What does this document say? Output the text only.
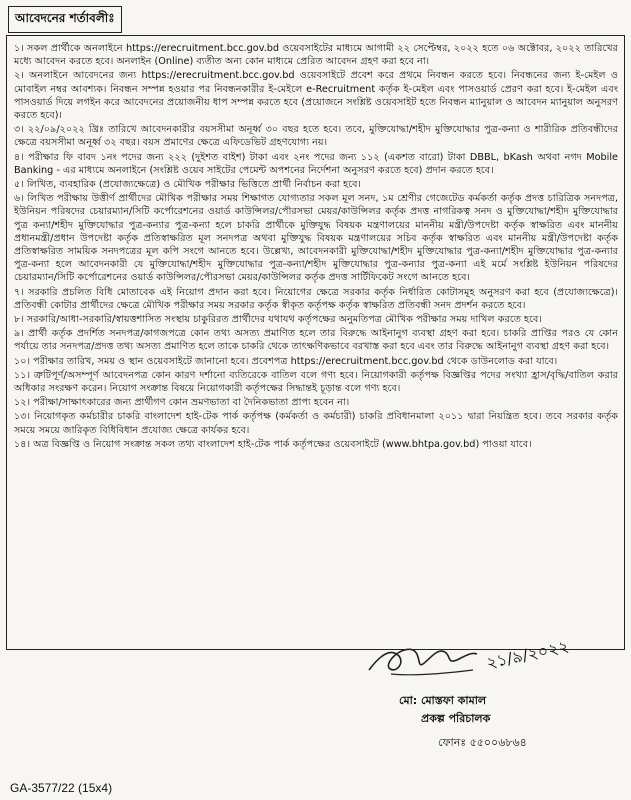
আবেদনের শর্তাবলীঃ

১। সকল প্রার্থীকে অনলাইনে https://erecruitment.bcc.gov.bd ওয়েবসাইটের মাধ্যমে আগামী ২২ সেপ্টেম্বর, ২০২২ হতে ০৬ অক্টোবর, ২০২২ তারিখের মধ্যে আবেদন করতে হবে। অনলাইন (Online) ব্যতীত অন্য কোন মাধ্যমে প্রেরিত আবেদন গ্রহণ করা হবে না।

২। অনলাইনে আবেদনের জন্য https://erecruitment.bcc.gov.bd ওয়েবসাইটে প্রবেশ করে প্রথমে নিবন্ধন করতে হবে। নিবন্ধনের জন্য ই-মেইল ও মোবাইল নম্বর আবশ্যক। নিবন্ধন সম্পন্ন হওয়ার পর নিবন্ধনকারীর ই-মেইলে e-Recruitment কর্তৃক ই-মেইল এবং পাসওয়ার্ড প্রেরণ করা হবে। ই-মেইল এবং পাসওয়ার্ড দিয়ে লগইন করে আবেদনের প্রয়োজনীয় ধাপ সম্পন্ন করতে হবে (প্রয়োজনে সংশ্লিষ্ট ওয়েবসাইট হতে নিবন্ধন ম্যানুয়াল ও আবেদন ম্যানুয়াল অনুসরণ করতে হবে)।

৩। ২২/০৯/২০২২ খ্রিঃ তারিখে আবেদনকারীর বয়সসীমা অনূর্ধ্ব ৩০ বছর হতে হবে। তবে, মুক্তিযোদ্ধা/শহীদ মুক্তিযোদ্ধার পুত্র-কন্যা ও শারীরিক প্রতিবন্ধীদের ক্ষেত্রে বয়সসীমা অনূর্ধ্ব ৩২ বছর। বয়স প্রমাণের ক্ষেত্রে এফিডেভিট গ্রহণযোগ্য নয়।

৪। পরীক্ষার ফি বাবদ ১নং পদের জন্য ২২২ (দুইশত বাইশ) টাকা এবং ২নং পদের জন্য ১১২ (একশত বারো) টাকা DBBL, bKash অথবা নগদ Mobile Banking - এর মাধ্যমে অনলাইনে (সংশ্লিষ্ট ওয়েব সাইটের পেমেন্ট অপশনের নির্দেশনা অনুসরণ করতে হবে) প্রদান করতে হবে।

৫। লিখিত, ব্যবহারিক (প্রযোজ্যক্ষেত্রে) ও মৌখিক পরীক্ষার ভিত্তিতে প্রার্থী নির্বাচন করা হবে।

৬। লিখিত পরীক্ষায় উত্তীর্ণ প্রার্থীদের মৌখিক পরীক্ষার সময় শিক্ষাগত যোগ্যতার সকল মূল সনদ, ১ম শ্রেণীর গেজেটেড কর্মকর্তা কর্তৃক প্রদত্ত চারিত্রিক সনদপত্র, ইউনিয়ন পরিষদের চেয়ারম্যান/সিটি কর্পোরেশনের ওয়ার্ড কাউন্সিলর/পৌরসভা মেয়র/কাউন্সিলর কর্তৃক প্রদত্ত নাগরিকত্ব সনদ ও মুক্তিযোদ্ধা/শহীদ মুক্তিযোদ্ধার পুত্র কন্যা/শহীদ মুক্তিযোদ্ধার পুত্র-কন্যার পুত্র-কন্যা হলে চাকরি প্রার্থীকে মুক্তিযুদ্ধ বিষয়ক মন্ত্রণালয়ের মাননীয় মন্ত্রী/উপদেষ্টা কর্তৃক স্বাক্ষরিত এবং মাননীয় প্রধানমন্ত্রী/প্রধান উপদেষ্টা কর্তৃক প্রতিস্বাক্ষরিত মূল সনদপত্র অথবা মুক্তিযুদ্ধ বিষয়ক মন্ত্রণালয়ের সচিব কর্তৃক স্বাক্ষরিত এবং মাননীয় মন্ত্রী/উপদেষ্টা কর্তৃক প্রতিস্বাক্ষরিত সাময়িক সনদপত্রের মূল কপি সংগে আনতে হবে। উল্লেখ্য, আবেদনকারী মুক্তিযোদ্ধা/শহীদ মুক্তিযোদ্ধার পুত্র-কন্যা/শহীদ মুক্তিযোদ্ধার পুত্র-কন্যার পুত্র-কন্যা হলে আবেদনকারী যে মুক্তিযোদ্ধা/শহীদ মুক্তিযোদ্ধার পুত্র-কন্যা/শহীদ মুক্তিযোদ্ধার পুত্র-কন্যার পুত্র-কন্যা এই মর্মে সংশ্লিষ্ট ইউনিয়ন পরিষদের চেয়ারম্যান/সিটি কর্পোরেশনের ওয়ার্ড কাউন্সিলর/পৌরসভা মেয়র/কাউন্সিলর কর্তৃক প্রদত্ত সার্টিফিকেট সংগে আনতে হবে।

৭। সরকারি প্রচলিত বিধি মোতাবেক এই নিয়োগ প্রদান করা হবে। নিয়োগের ক্ষেত্রে সরকার কর্তৃক নির্ধারিত কোটাসমূহ অনুসরণ করা হবে (প্রযোজ্যক্ষেত্রে)। প্রতিবন্ধী কোটার প্রার্থীদের ক্ষেত্রে মৌখিক পরীক্ষার সময় সরকার কর্তৃক স্বীকৃত কর্তৃপক্ষ কর্তৃক স্বাক্ষরিত প্রতিবন্ধী সনদ প্রদর্শন করতে হবে।

৮। সরকারি/আধা-সরকারি/স্বায়ত্তশাসিত সংস্থায় চাকুরিরত প্রার্থীদের যথাযথ কর্তৃপক্ষের অনুমতিপত্র মৌখিক পরীক্ষার সময় দাখিল করতে হবে।

৯। প্রার্থী কর্তৃক প্রদর্শিত সনদপত্র/কাগজপত্রে কোন তথ্য অসত্য প্রমাণিত হলে তার বিরুদ্ধে আইনানুগ ব্যবস্থা গ্রহণ করা হবে। চাকরি প্রাপ্তির পরও যে কোন পর্যায়ে তার সনদপত্র/প্রদত্ত তথ্য অসত্য প্রমাণিত হলে তাকে চাকরি থেকে তাৎক্ষণিকভাবে বরখাস্ত করা হবে এবং তার বিরুদ্ধে আইনানুগ ব্যবস্থা গ্রহণ করা হবে।

১০। পরীক্ষার তারিখ, সময় ও স্থান ওয়েবসাইটে জানানো হবে। প্রবেশপত্র https://erecruitment.bcc.gov.bd থেকে ডাউনলোড করা যাবে।

১১। ত্রুটিপূর্ণ/অসম্পূর্ণ আবেদনপত্র কোন কারণ দর্শানো ব্যতিরেকে বাতিল বলে গণ্য হবে। নিয়োগকারী কর্তৃপক্ষ বিজ্ঞপ্তির পদের সংখ্যা হ্রাস/বৃদ্ধি/বাতিল করার অধিকার সংরক্ষণ করেন। নিয়োগ সংক্রান্ত বিষয়ে নিয়োগকারী কর্তৃপক্ষের সিদ্ধান্তই চূড়ান্ত বলে গণ্য হবে।

১২। পরীক্ষা/সাক্ষাৎকারের জন্য প্রার্থীগণ কোন ভ্রমণভাতা বা দৈনিকভাতা প্রাপ্য হবেন না।

১৩। নিয়োগকৃত কর্মচারীর চাকরি বাংলাদেশ হাই-টেক পার্ক কর্তৃপক্ষ (কর্মকর্তা ও কর্মচারী) চাকরি প্রবিধানমালা ২০১১ দ্বারা নিয়ন্ত্রিত হবে। তবে সরকার কর্তৃক সময়ে সময়ে জারিকৃত বিধিবিধান প্রযোজ্য ক্ষেত্রে কার্যকর হবে।

১৪। অত্র বিজ্ঞপ্তি ও নিয়োগ সংক্রান্ত সকল তথ্য বাংলাদেশ হাই-টেক পার্ক কর্তৃপক্ষের ওয়েবসাইটে (www.bhtpa.gov.bd) পাওয়া যাবে।

২১/৯/২০২২
মো: মোস্তফা কামাল
প্রকল্প পরিচালক
ফোনঃ ৫৫০০৬৮৬৪
GA-3577/22 (15x4)
